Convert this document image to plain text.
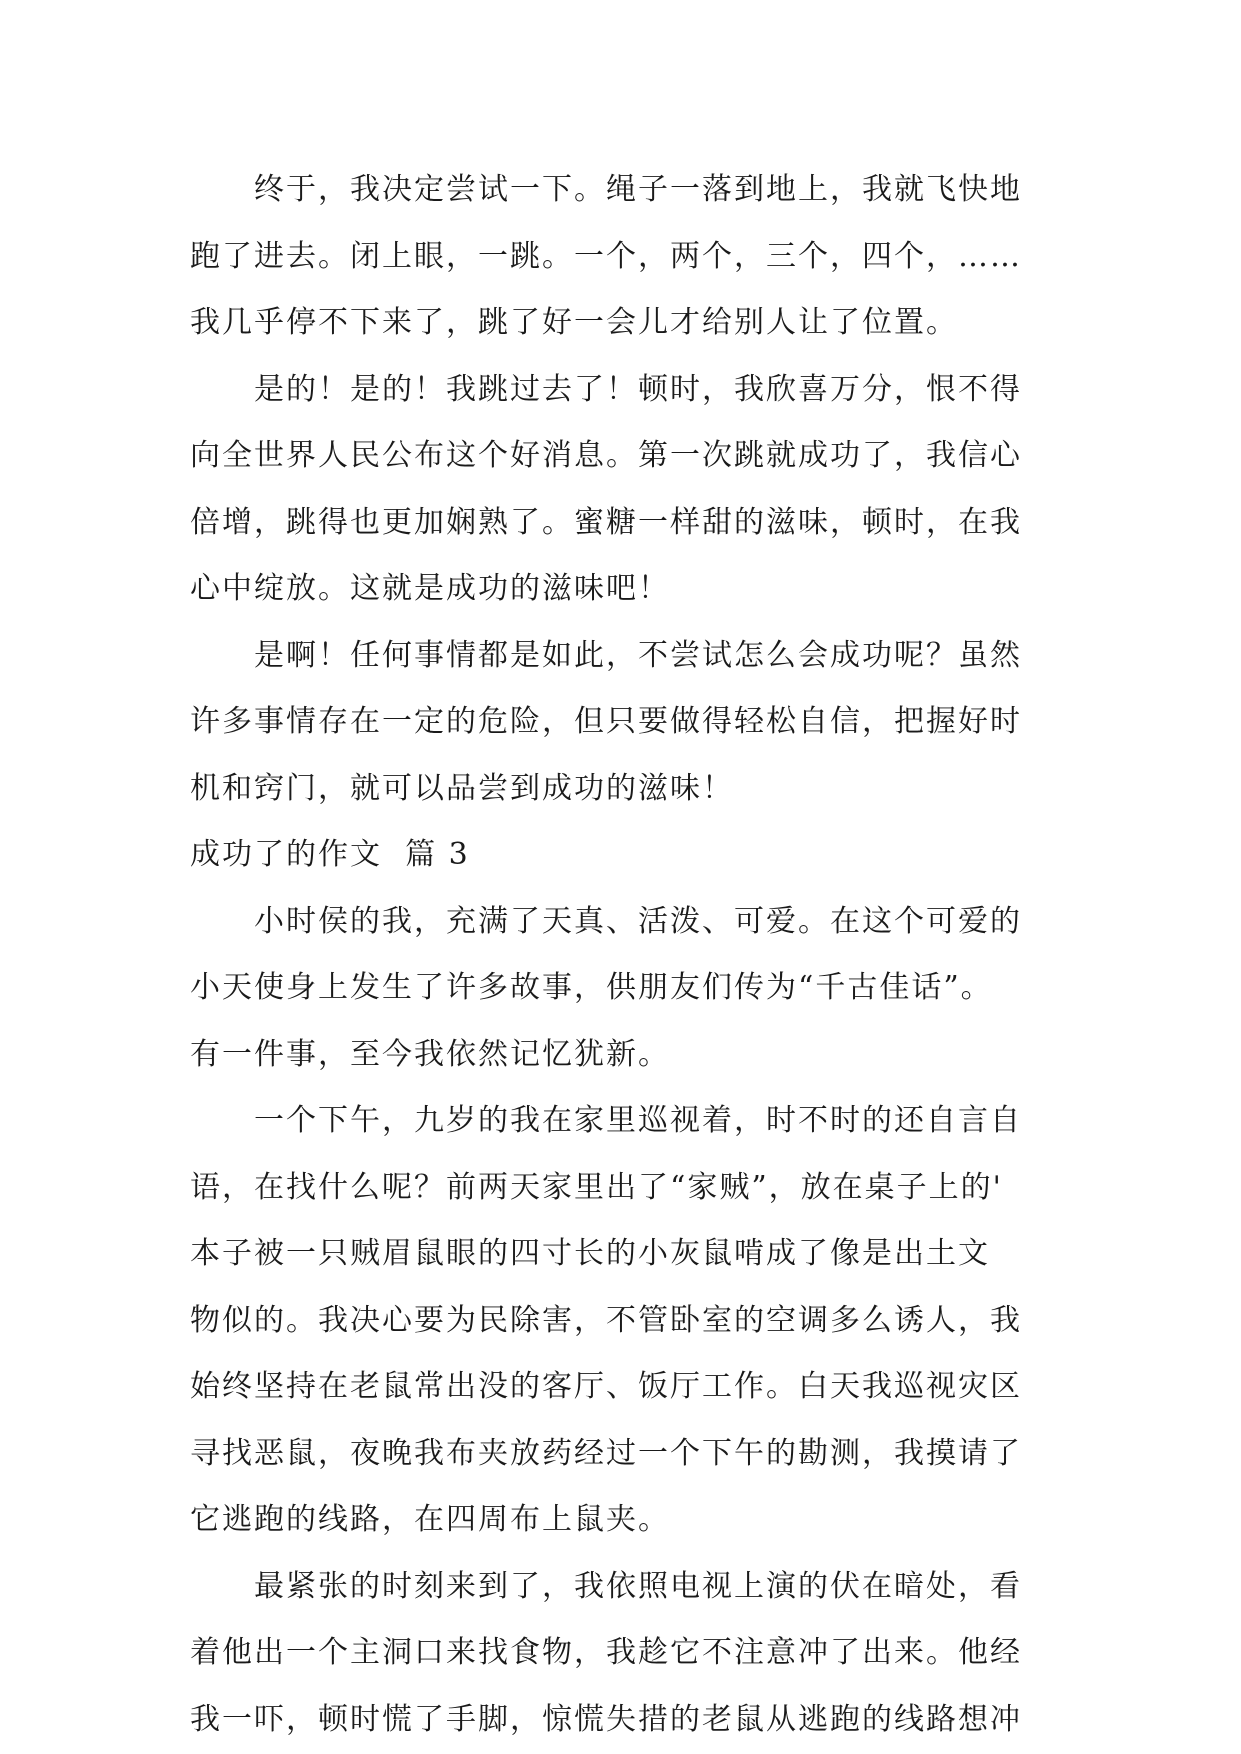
终于，我决定尝试一下。绳子一落到地上，我就飞快地
跑了进去。闭上眼，一跳。一个，两个，三个，四个，……
我几乎停不下来了，跳了好一会儿才给别人让了位置。
是的！是的！我跳过去了！顿时，我欣喜万分，恨不得
向全世界人民公布这个好消息。第一次跳就成功了，我信心
倍增，跳得也更加娴熟了。蜜糖一样甜的滋味，顿时，在我
心中绽放。这就是成功的滋味吧！
是啊！任何事情都是如此，不尝试怎么会成功呢？虽然
许多事情存在一定的危险，但只要做得轻松自信，把握好时
机和窍门，就可以品尝到成功的滋味！
成功了的作文  篇 3
小时侯的我，充满了天真、活泼、可爱。在这个可爱的
小天使身上发生了许多故事，供朋友们传为“千古佳话”。
有一件事，至今我依然记忆犹新。
一个下午，九岁的我在家里巡视着，时不时的还自言自
语，在找什么呢？前两天家里出了“家贼”，放在桌子上的'
本子被一只贼眉鼠眼的四寸长的小灰鼠啃成了像是出土文
物似的。我决心要为民除害，不管卧室的空调多么诱人，我
始终坚持在老鼠常出没的客厅、饭厅工作。白天我巡视灾区
寻找恶鼠，夜晚我布夹放药经过一个下午的勘测，我摸请了
它逃跑的线路，在四周布上鼠夹。
最紧张的时刻来到了，我依照电视上演的伏在暗处，看
着他出一个主洞口来找食物，我趁它不注意冲了出来。他经
我一吓，顿时慌了手脚，惊慌失措的老鼠从逃跑的线路想冲
